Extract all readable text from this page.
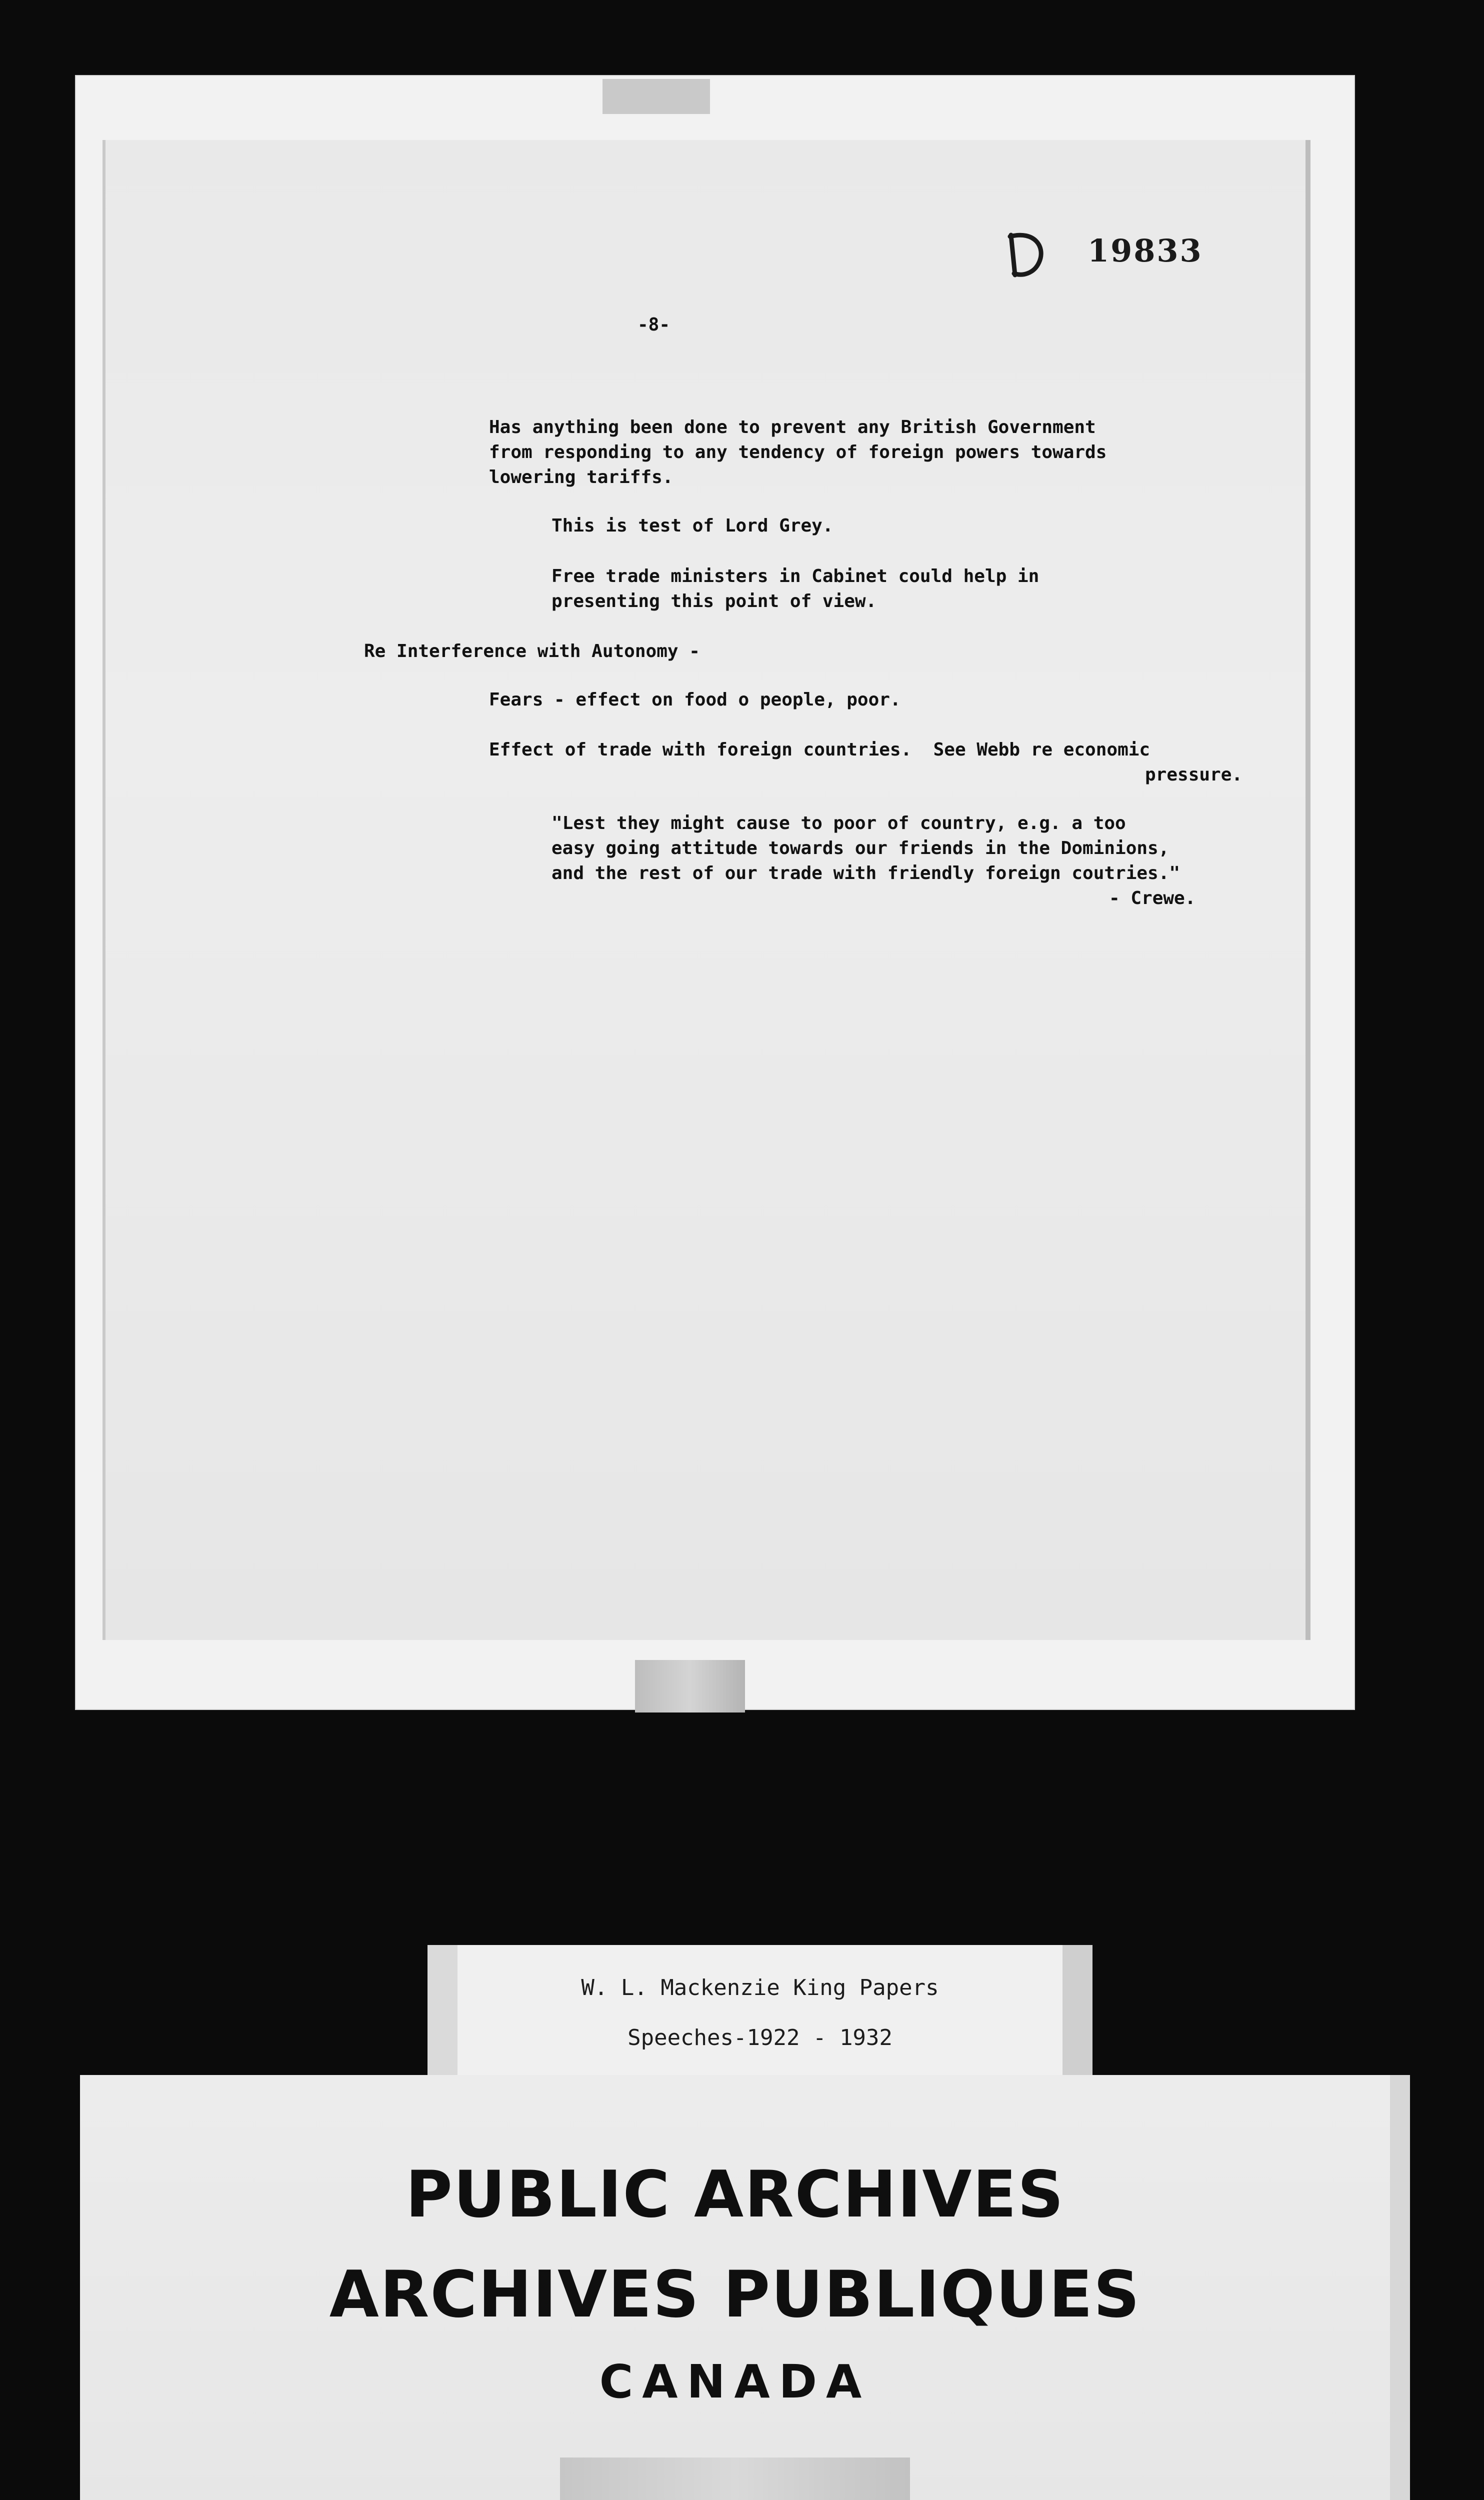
19833
-8-
Has anything been done to prevent any British Government
from responding to any tendency of foreign powers towards
lowering tariffs.
This is test of Lord Grey.
Free trade ministers in Cabinet could help in
presenting this point of view.
Re Interference with Autonomy -
Fears - effect on food o people, poor.
Effect of trade with foreign countries.  See Webb re economic
pressure.
"Lest they might cause to poor of country, e.g. a too
easy going attitude towards our friends in the Dominions,
and the rest of our trade with friendly foreign coutries."
- Crewe.
W. L. Mackenzie King Papers
Speeches-1922 - 1932
PUBLIC ARCHIVES
ARCHIVES PUBLIQUES
CANADA
